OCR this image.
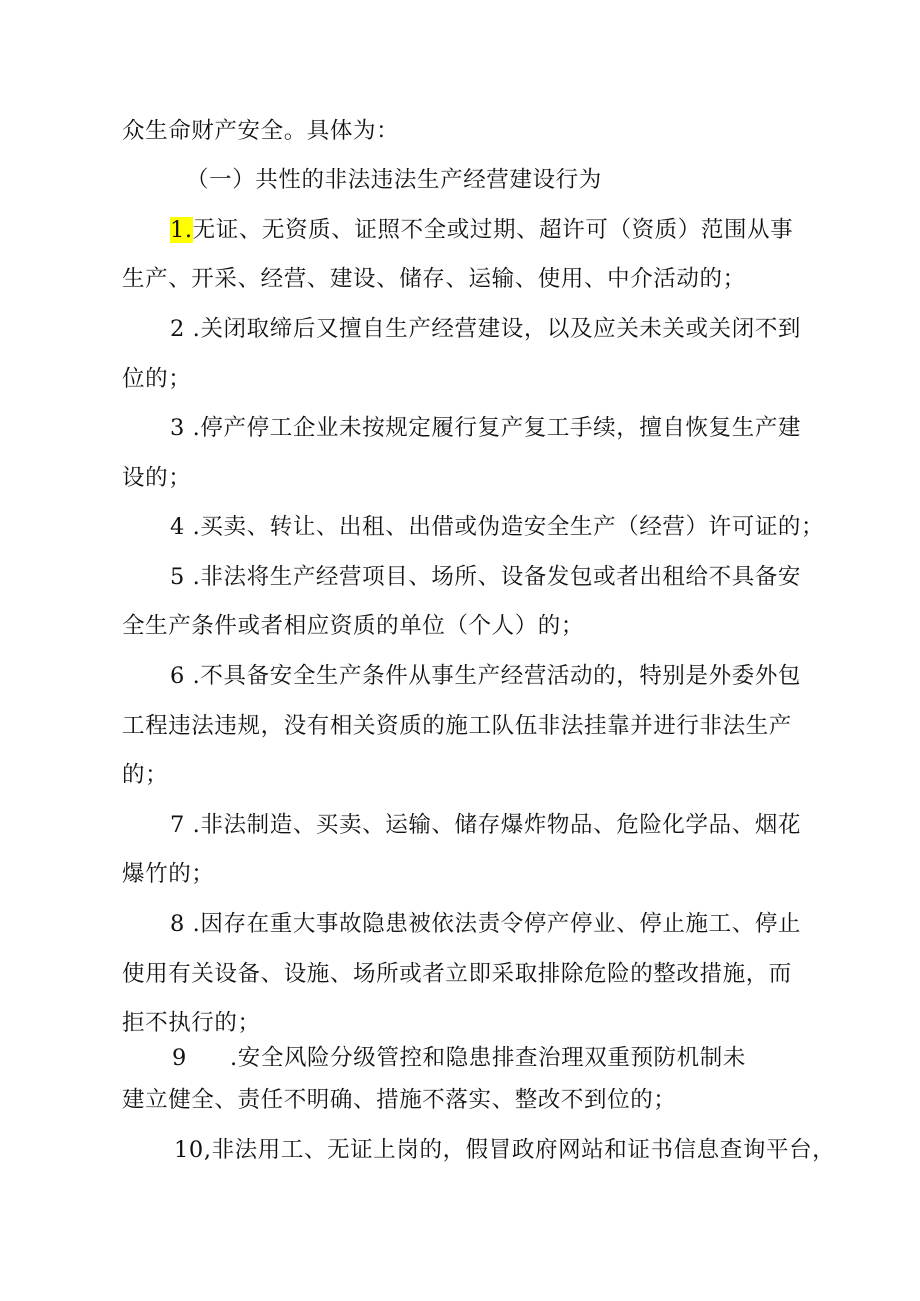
众生命财产安全。具体为：
（一）共性的非法违法生产经营建设行为
1.无证、无资质、证照不全或过期、超许可（资质）范围从事
生产、开采、经营、建设、储存、运输、使用、中介活动的；
2 .关闭取缔后又擅自生产经营建设，以及应关未关或关闭不到
位的；
3 .停产停工企业未按规定履行复产复工手续，擅自恢复生产建
设的；
4 .买卖、转让、出租、出借或伪造安全生产（经营）许可证的；
5 .非法将生产经营项目、场所、设备发包或者出租给不具备安
全生产条件或者相应资质的单位（个人）的；
6 .不具备安全生产条件从事生产经营活动的，特别是外委外包
工程违法违规，没有相关资质的施工队伍非法挂靠并进行非法生产
的；
7 .非法制造、买卖、运输、储存爆炸物品、危险化学品、烟花
爆竹的；
8 .因存在重大事故隐患被依法责令停产停业、停止施工、停止
使用有关设备、设施、场所或者立即采取排除危险的整改措施，而
拒不执行的；
9 .安全风险分级管控和隐患排查治理双重预防机制未
建立健全、责任不明确、措施不落实、整改不到位的；
10,非法用工、无证上岗的，假冒政府网站和证书信息查询平台，
